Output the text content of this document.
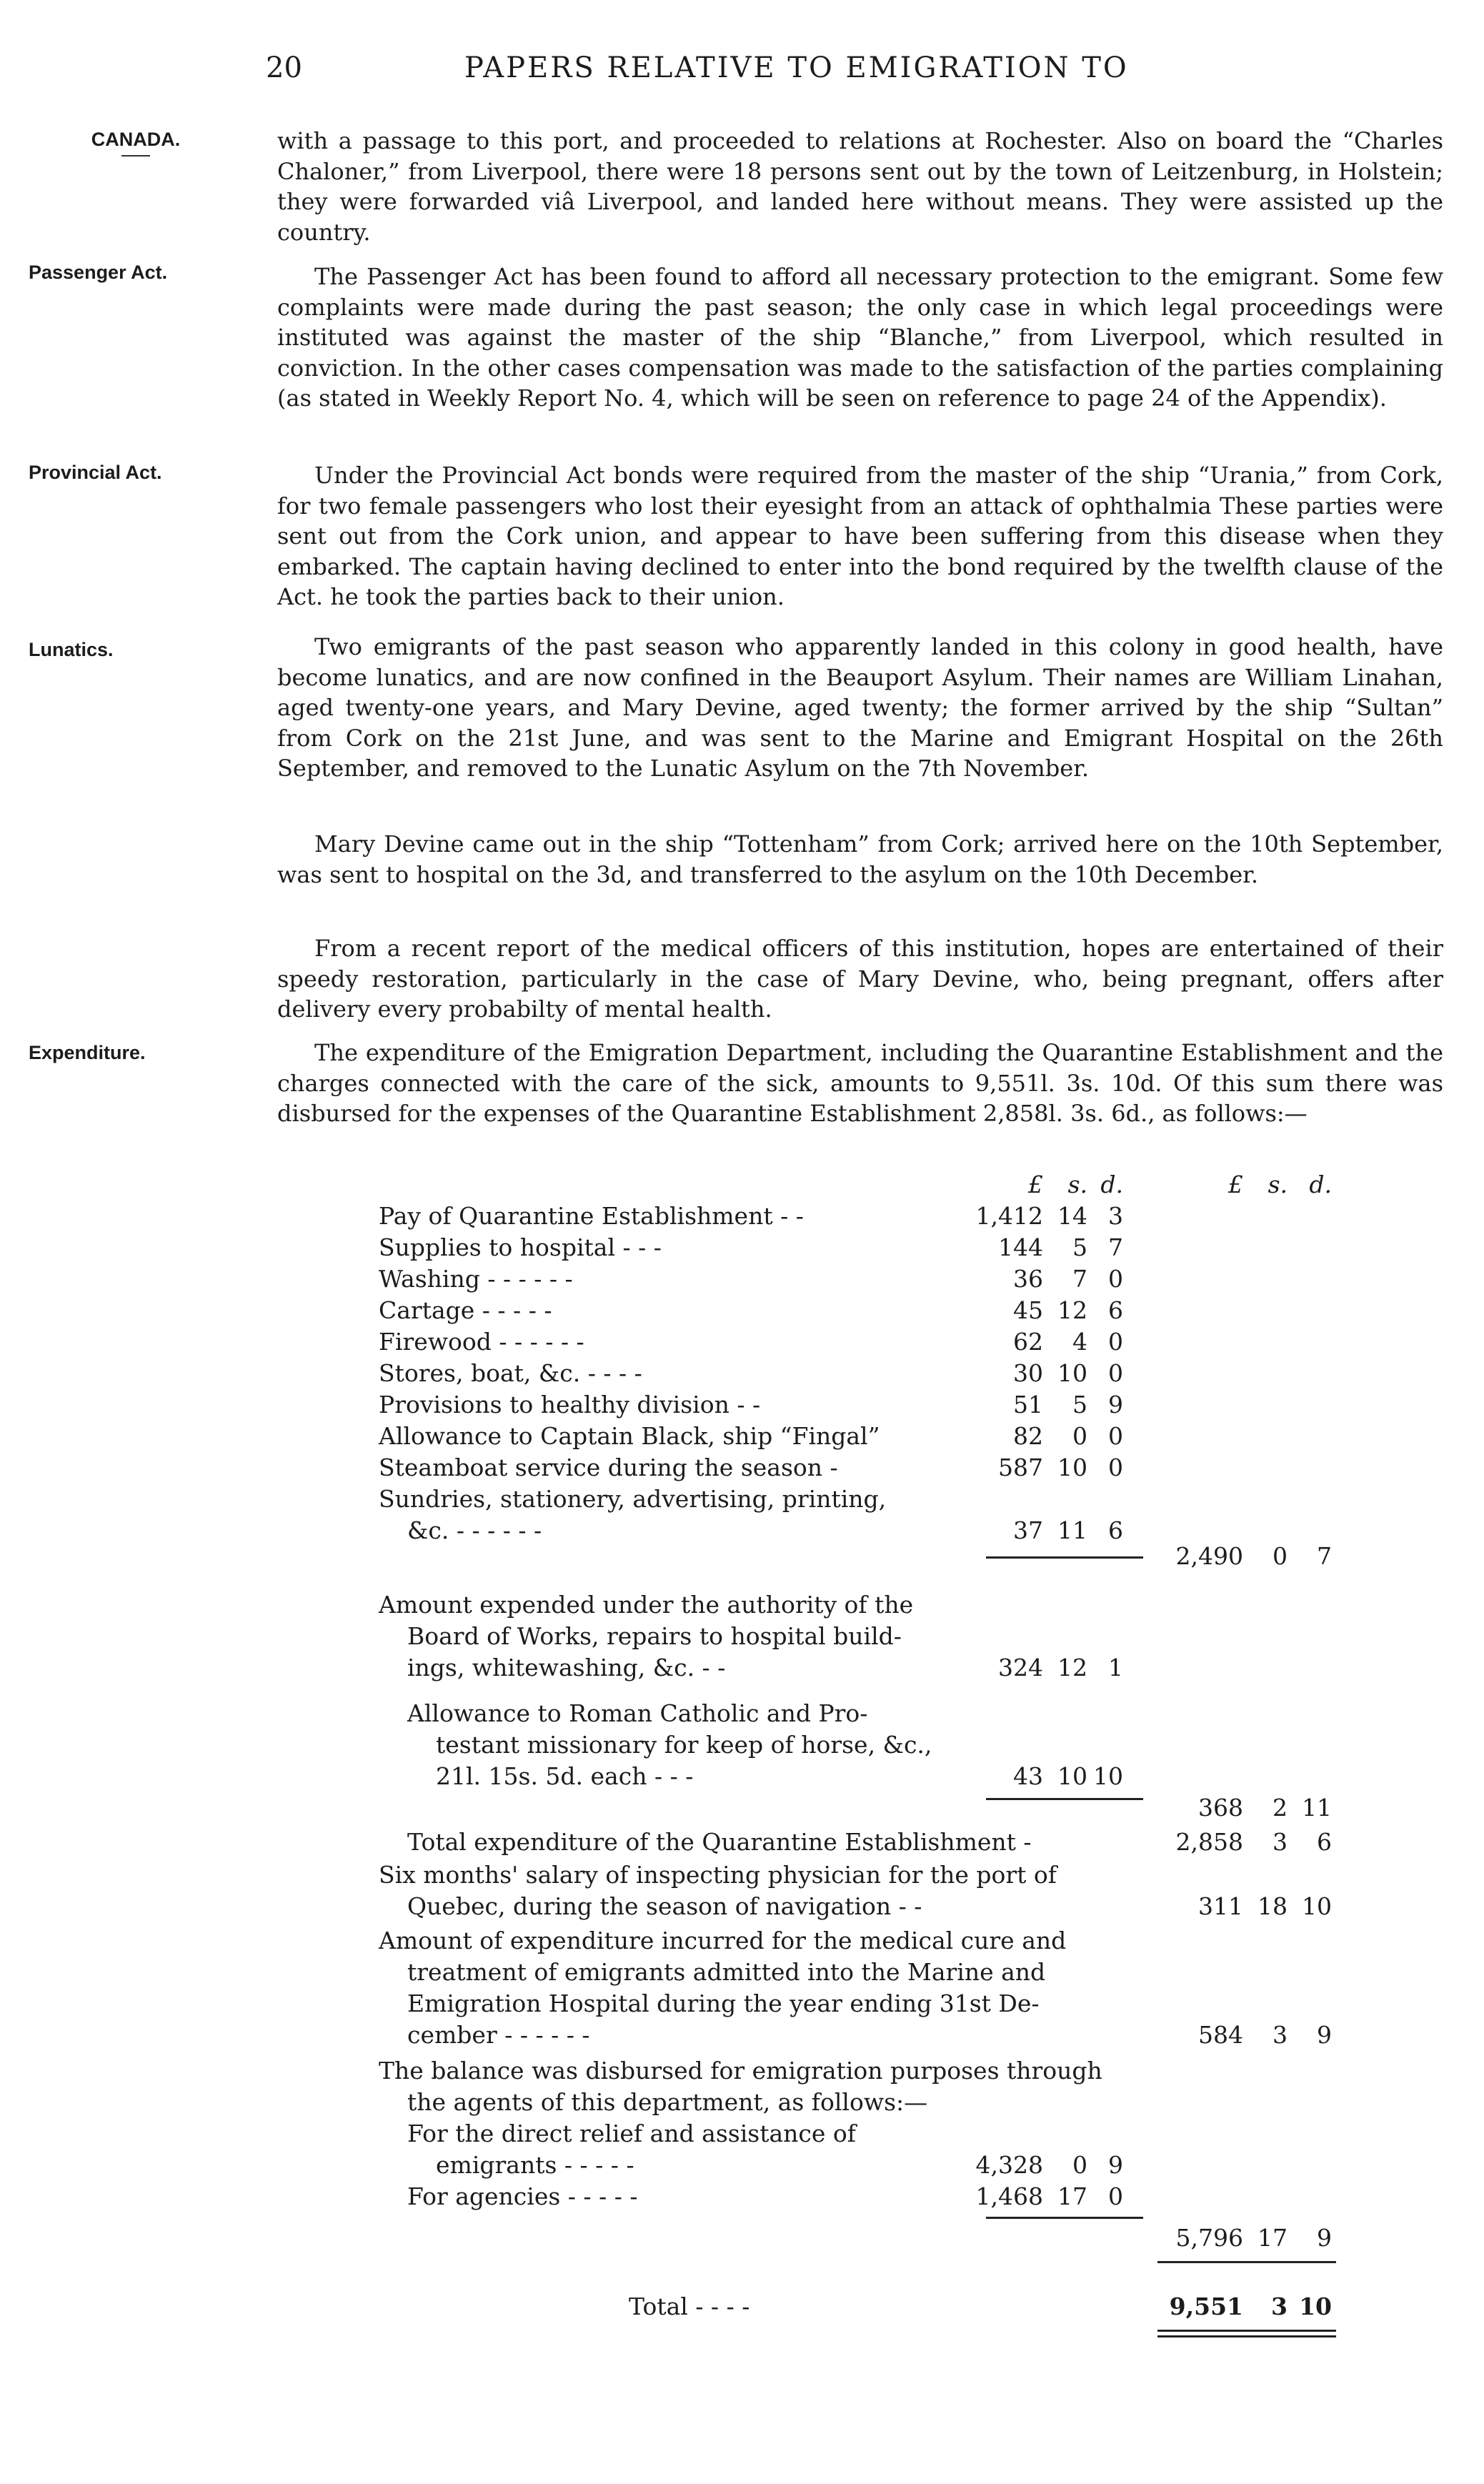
20	PAPERS RELATIVE TO EMIGRATION TO
CANADA.
Passenger Act.
Provincial Act.
Lunatics.
Expenditure.

with a passage to this port, and proceeded to relations at Rochester. Also on board the “Charles Chaloner,” from Liverpool, there were 18 persons sent out by the town of Leitzenburg, in Holstein; they were forwarded viâ Liverpool, and landed here without means. They were assisted up the country.

The Passenger Act has been found to afford all necessary protection to the emigrant. Some few complaints were made during the past season; the only case in which legal proceedings were instituted was against the master of the ship “Blanche,” from Liverpool, which resulted in conviction. In the other cases compensation was made to the satisfaction of the parties complaining (as stated in Weekly Report No. 4, which will be seen on reference to page 24 of the Appendix).

Under the Provincial Act bonds were required from the master of the ship “Urania,” from Cork, for two female passengers who lost their eyesight from an attack of ophthalmia These parties were sent out from the Cork union, and appear to have been suffering from this disease when they embarked. The captain having declined to enter into the bond required by the twelfth clause of the Act. he took the parties back to their union.

Two emigrants of the past season who apparently landed in this colony in good health, have become lunatics, and are now confined in the Beauport Asylum. Their names are William Linahan, aged twenty-one years, and Mary Devine, aged twenty; the former arrived by the ship “Sultan” from Cork on the 21st June, and was sent to the Marine and Emigrant Hospital on the 26th September, and removed to the Lunatic Asylum on the 7th November.

Mary Devine came out in the ship “Tottenham” from Cork; arrived here on the 10th September, was sent to hospital on the 3d, and transferred to the asylum on the 10th December.

From a recent report of the medical officers of this institution, hopes are entertained of their speedy restoration, particularly in the case of Mary Devine, who, being pregnant, offers after delivery every probabilty of mental health.

The expenditure of the Emigration Department, including the Quarantine Establishment and the charges connected with the care of the sick, amounts to 9,551l. 3s. 10d. Of this sum there was disbursed for the expenses of the Quarantine Establishment 2,858l. 3s. 6d., as follows:—

£	s. d.	£	s. d.
Pay of Quarantine Establishment - -	1,412 14 3
Supplies to hospital - - -	144	5 7
Washing - - - - - -	36	7 0
Cartage - - - - -	45 12 6
Firewood - - - - - -	62	4 0
Stores, boat, &c. - - - -	30 10 0
Provisions to healthy division - -	51	5 9
Allowance to Captain Black, ship “Fingal”	82	0 0
Steamboat service during the season -	587 10 0
Sundries, stationery, advertising, printing,
&c. - - - - - -	37 11 6
2,490	0	7
Amount expended under the authority of the
Board of Works, repairs to hospital build-
ings, whitewashing, &c. - -	324 12 1
Allowance to Roman Catholic and Pro-
testant missionary for keep of horse, &c.,
21l. 15s. 5d. each - - -	43 10 10
368	2 11
Total expenditure of the Quarantine Establishment -	2,858	3	6
Six months' salary of inspecting physician for the port of
Quebec, during the season of navigation - -	311 18 10
Amount of expenditure incurred for the medical cure and
treatment of emigrants admitted into the Marine and
Emigration Hospital during the year ending 31st De-
cember - - - - - -	584	3	9
The balance was disbursed for emigration purposes through
the agents of this department, as follows:—
For the direct relief and assistance of
emigrants - - - - -	4,328	0 9
For agencies - - - - -	1,468 17 0
5,796 17	9
Total - - - -	9,551	3 10
